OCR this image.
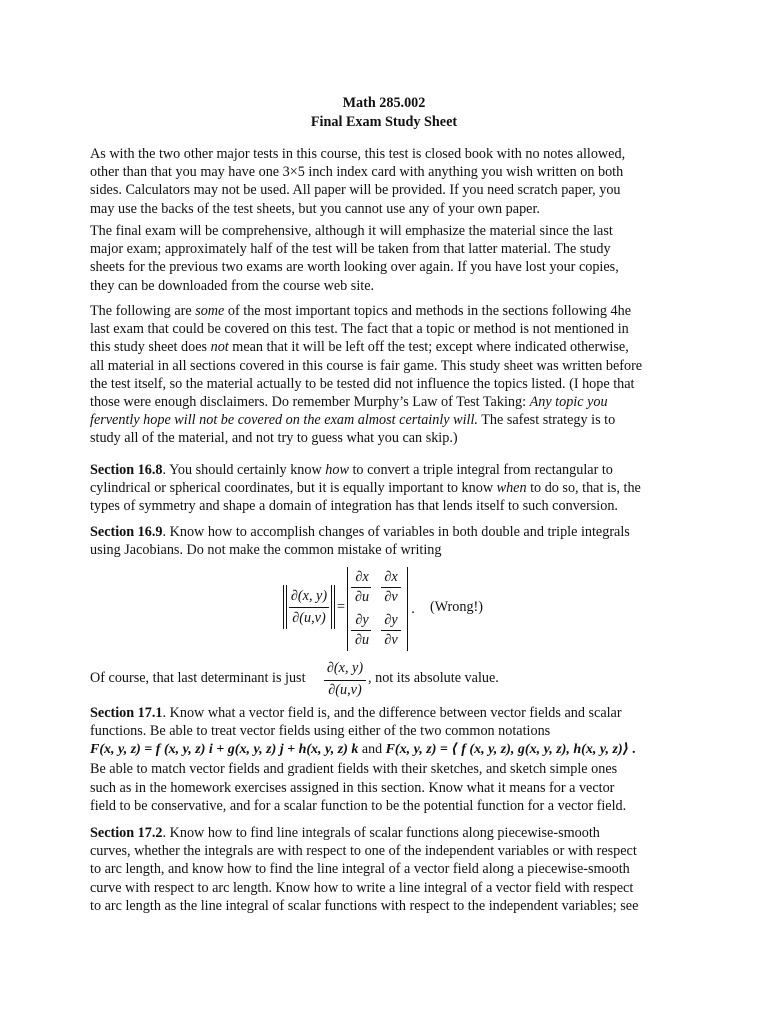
Math 285.002
Final Exam Study Sheet

As with the two other major tests in this course, this test is closed book with no notes allowed,

other than that you may have one 3×5 inch index card with anything you wish written on both

sides. Calculators may not be used. All paper will be provided. If you need scratch paper, you

may use the backs of the test sheets, but you cannot use any of your own paper.

The final exam will be comprehensive, although it will emphasize the material since the last

major exam; approximately half of the test will be taken from that latter material. The study

sheets for the previous two exams are worth looking over again. If you have lost your copies,

they can be downloaded from the course web site.

The following are some of the most important topics and methods in the sections following 4he

last exam that could be covered on this test. The fact that a topic or method is not mentioned in

this study sheet does not mean that it will be left off the test; except where indicated otherwise,

all material in all sections covered in this course is fair game. This study sheet was written before

the test itself, so the material actually to be tested did not influence the topics listed. (I hope that

those were enough disclaimers. Do remember Murphy’s Law of Test Taking: Any topic you

fervently hope will not be covered on the exam almost certainly will. The safest strategy is to

study all of the material, and not try to guess what you can skip.)

Section 16.8. You should certainly know how to convert a triple integral from rectangular to

cylindrical or spherical coordinates, but it is equally important to know when to do so, that is, the

types of symmetry and shape a domain of integration has that lends itself to such conversion.

Section 16.9. Know how to accomplish changes of variables in both double and triple integrals

using Jacobians. Do not make the common mistake of writing

∂(x, y)
∂(u,v)
=
∂x
∂u
∂x
∂v
∂y
∂u
∂y
∂v
. (Wrong!)
Of course, that last determinant is just
∂(x, y)
∂(u,v)
, not its absolute value.

Section 17.1. Know what a vector field is, and the difference between vector fields and scalar

functions. Be able to treat vector fields using either of the two common notations

F(x, y, z) = f (x, y, z) i + g(x, y, z) j + h(x, y, z) k and F(x, y, z) = ⟨ f (x, y, z), g(x, y, z), h(x, y, z)⟩ .

Be able to match vector fields and gradient fields with their sketches, and sketch simple ones

such as in the homework exercises assigned in this section. Know what it means for a vector

field to be conservative, and for a scalar function to be the potential function for a vector field.

Section 17.2. Know how to find line integrals of scalar functions along piecewise-smooth

curves, whether the integrals are with respect to one of the independent variables or with respect

to arc length, and know how to find the line integral of a vector field along a piecewise-smooth

curve with respect to arc length. Know how to write a line integral of a vector field with respect

to arc length as the line integral of scalar functions with respect to the independent variables; see
